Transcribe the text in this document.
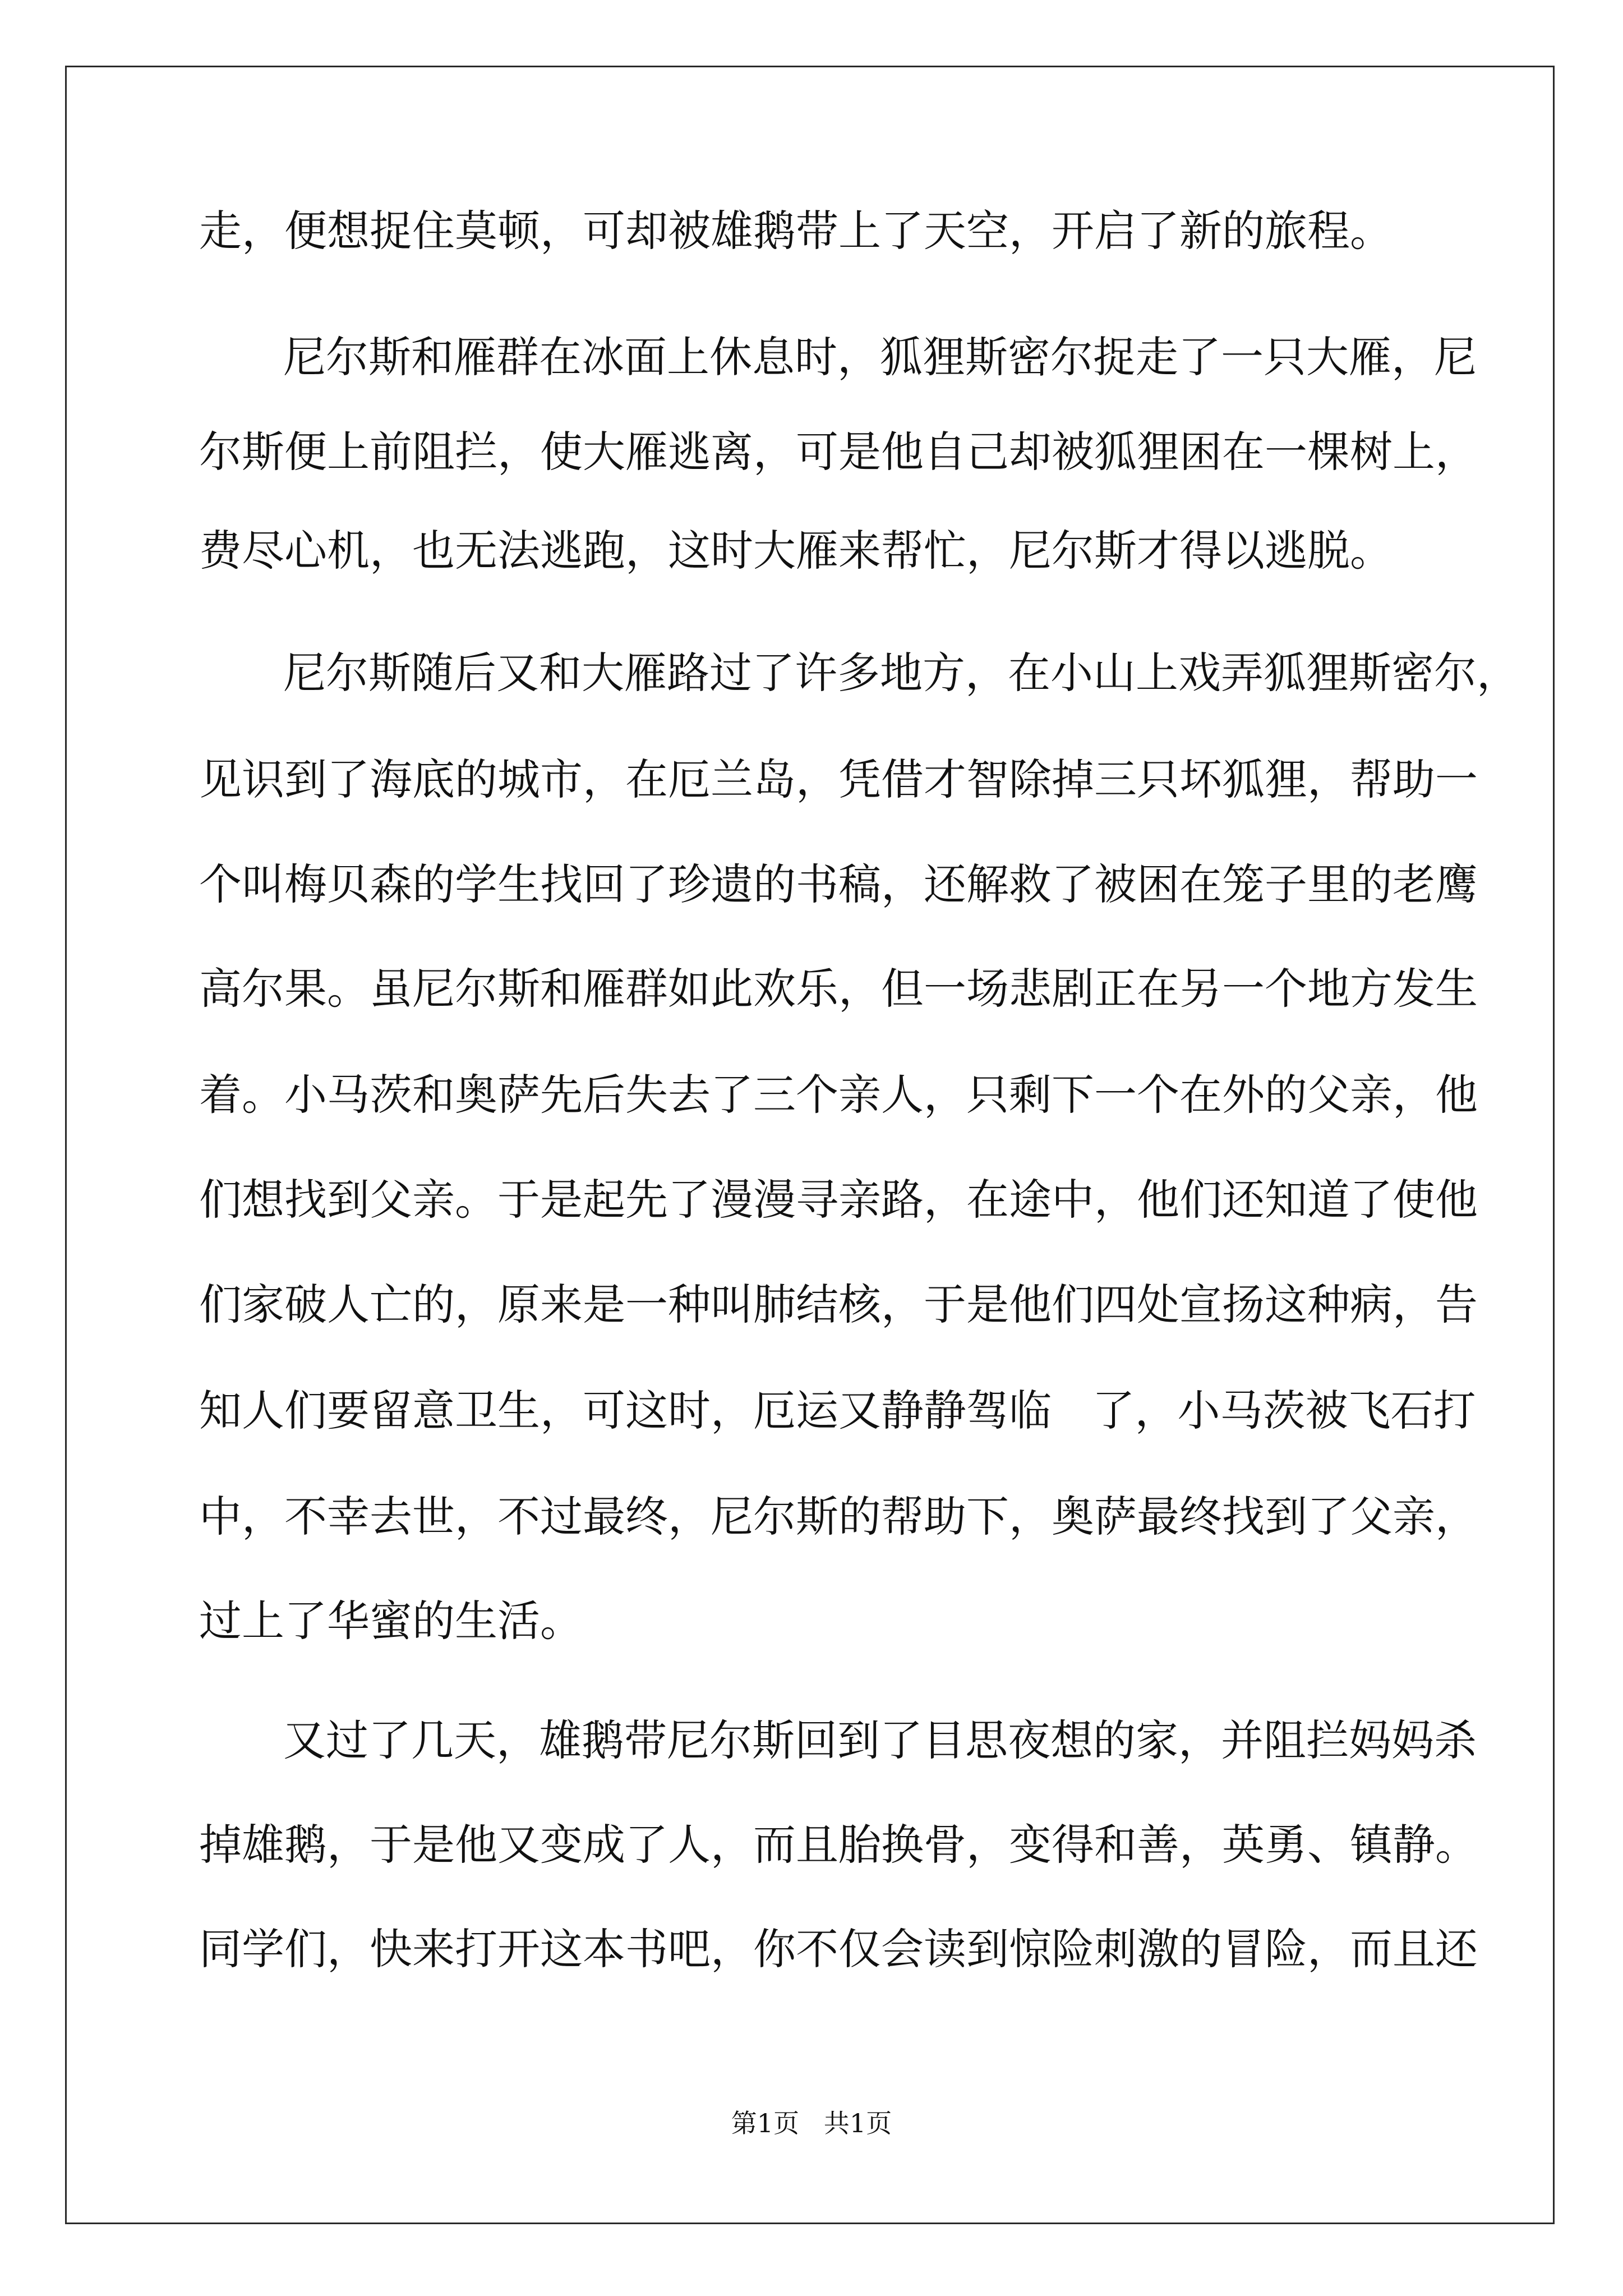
走，便想捉住莫顿，可却被雄鹅带上了天空，开启了新的旅程。
尼尔斯和雁群在冰面上休息时，狐狸斯密尔捉走了一只大雁，尼
尔斯便上前阻拦，使大雁逃离，可是他自己却被狐狸困在一棵树上，
费尽心机，也无法逃跑，这时大雁来帮忙，尼尔斯才得以逃脱。
尼尔斯随后又和大雁路过了许多地方，在小山上戏弄狐狸斯密尔，
见识到了海底的城市，在厄兰岛，凭借才智除掉三只坏狐狸，帮助一
个叫梅贝森的学生找回了珍遗的书稿，还解救了被困在笼子里的老鹰
高尔果。虽尼尔斯和雁群如此欢乐，但一场悲剧正在另一个地方发生
着。小马茨和奥萨先后失去了三个亲人，只剩下一个在外的父亲，他
们想找到父亲。于是起先了漫漫寻亲路，在途中，他们还知道了使他
们家破人亡的，原来是一种叫肺结核，于是他们四处宣扬这种病，告
知人们要留意卫生，可这时，厄运又静静驾临   了，小马茨被飞石打
中，不幸去世，不过最终，尼尔斯的帮助下，奥萨最终找到了父亲，
过上了华蜜的生活。
又过了几天，雄鹅带尼尔斯回到了目思夜想的家，并阻拦妈妈杀
掉雄鹅，于是他又变成了人，而且胎换骨，变得和善，英勇、镇静。
同学们，快来打开这本书吧，你不仅会读到惊险刺激的冒险，而且还
第1页   共1页
